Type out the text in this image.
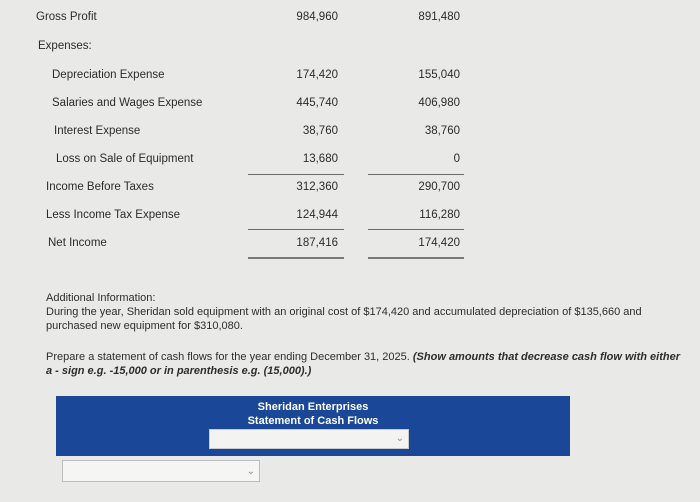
Gross Profit	984,960	891,480
Expenses:
Depreciation Expense	174,420	155,040
Salaries and Wages Expense	445,740	406,980
Interest Expense	38,760	38,760
Loss on Sale of Equipment	13,680	0
Income Before Taxes	312,360	290,700
Less Income Tax Expense	124,944	116,280
Net Income	187,416	174,420
Additional Information:
During the year, Sheridan sold equipment with an original cost of $174,420 and accumulated depreciation of $135,660 and purchased new equipment for $310,080.
Prepare a statement of cash flows for the year ending December 31, 2025. (Show amounts that decrease cash flow with either a - sign e.g. -15,000 or in parenthesis e.g. (15,000).)
Sheridan Enterprises
Statement of Cash Flows
⌄
⌄
